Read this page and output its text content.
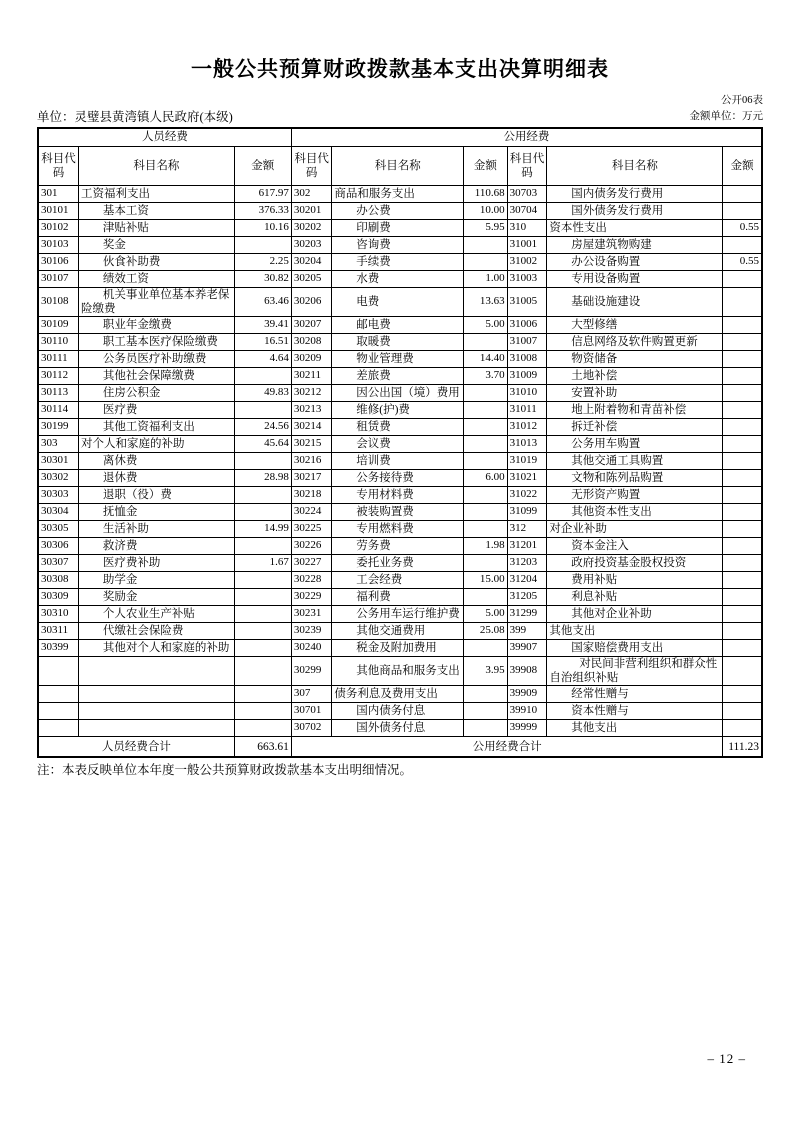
一般公共预算财政拨款基本支出决算明细表
公开06表
单位：灵璧县黄湾镇人民政府(本级)	金额单位：万元
人员经费			公用经费					
科目代码	科目名称	金额	科目代码	科目名称	金额	科目代码	科目名称	金额
301	工资福利支出	617.97	302	商品和服务支出	110.68	30703	国内债务发行费用	
30101	基本工资	376.33	30201	办公费	10.00	30704	国外债务发行费用	
30102	津贴补贴	10.16	30202	印刷费	5.95	310	资本性支出	0.55
30103	奖金		30203	咨询费		31001	房屋建筑物购建	
30106	伙食补助费	2.25	30204	手续费		31002	办公设备购置	0.55
30107	绩效工资	30.82	30205	水费	1.00	31003	专用设备购置	
30108	机关事业单位基本养老保险缴费	63.46	30206	电费	13.63	31005	基础设施建设	
30109	职业年金缴费	39.41	30207	邮电费	5.00	31006	大型修缮	
30110	职工基本医疗保险缴费	16.51	30208	取暖费		31007	信息网络及软件购置更新	
30111	公务员医疗补助缴费	4.64	30209	物业管理费	14.40	31008	物资储备	
30112	其他社会保障缴费		30211	差旅费	3.70	31009	土地补偿	
30113	住房公积金	49.83	30212	因公出国（境）费用		31010	安置补助	
30114	医疗费		30213	维修(护)费		31011	地上附着物和青苗补偿	
30199	其他工资福利支出	24.56	30214	租赁费		31012	拆迁补偿	
303	对个人和家庭的补助	45.64	30215	会议费		31013	公务用车购置	
30301	离休费		30216	培训费		31019	其他交通工具购置	
30302	退休费	28.98	30217	公务接待费	6.00	31021	文物和陈列品购置	
30303	退职（役）费		30218	专用材料费		31022	无形资产购置	
30304	抚恤金		30224	被装购置费		31099	其他资本性支出	
30305	生活补助	14.99	30225	专用燃料费		312	对企业补助	
30306	救济费		30226	劳务费	1.98	31201	资本金注入	
30307	医疗费补助	1.67	30227	委托业务费		31203	政府投资基金股权投资	
30308	助学金		30228	工会经费	15.00	31204	费用补贴	
30309	奖励金		30229	福利费		31205	利息补贴	
30310	个人农业生产补贴		30231	公务用车运行维护费	5.00	31299	其他对企业补助	
30311	代缴社会保险费		30239	其他交通费用	25.08	399	其他支出	
30399	其他对个人和家庭的补助		30240	税金及附加费用		39907	国家赔偿费用支出	
			30299	其他商品和服务支出	3.95	39908	对民间非营利组织和群众性自治组织补贴	
			307	债务利息及费用支出		39909	经常性赠与	
			30701	国内债务付息		39910	资本性赠与	
			30702	国外债务付息		39999	其他支出	
人员经费合计		663.61	公用经费合计					111.23
注：本表反映单位本年度一般公共预算财政拨款基本支出明细情况。
– 12 –
